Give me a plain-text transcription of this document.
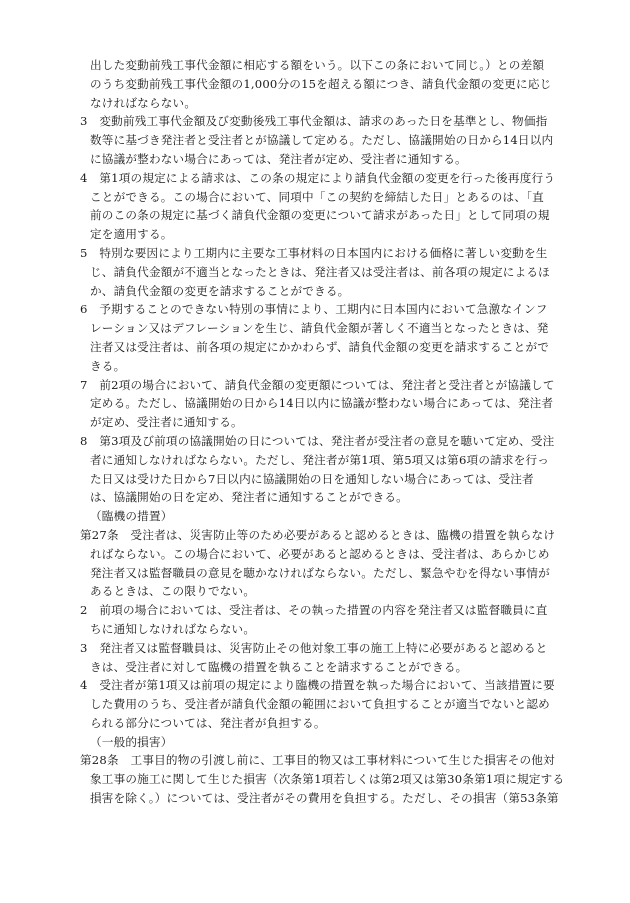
出した変動前残工事代金額に相応する額をいう。以下この条において同じ。）との差額
のうち変動前残工事代金額の1,000分の15を超える額につき、請負代金額の変更に応じ
なければならない。
3　変動前残工事代金額及び変動後残工事代金額は、請求のあった日を基準とし、物価指
数等に基づき発注者と受注者とが協議して定める。ただし、協議開始の日から14日以内
に協議が整わない場合にあっては、発注者が定め、受注者に通知する。
4　第1項の規定による請求は、この条の規定により請負代金額の変更を行った後再度行う
ことができる。この場合において、同項中「この契約を締結した日」とあるのは、「直
前のこの条の規定に基づく請負代金額の変更について請求があった日」として同項の規
定を適用する。
5　特別な要因により工期内に主要な工事材料の日本国内における価格に著しい変動を生
じ、請負代金額が不適当となったときは、発注者又は受注者は、前各項の規定によるほ
か、請負代金額の変更を請求することができる。
6　予期することのできない特別の事情により、工期内に日本国内において急激なインフ
レーション又はデフレーションを生じ、請負代金額が著しく不適当となったときは、発
注者又は受注者は、前各項の規定にかかわらず、請負代金額の変更を請求することがで
きる。
7　前2項の場合において、請負代金額の変更額については、発注者と受注者とが協議して
定める。ただし、協議開始の日から14日以内に協議が整わない場合にあっては、発注者
が定め、受注者に通知する。
8　第3項及び前項の協議開始の日については、発注者が受注者の意見を聴いて定め、受注
者に通知しなければならない。ただし、発注者が第1項、第5項又は第6項の請求を行っ
た日又は受けた日から7日以内に協議開始の日を通知しない場合にあっては、受注者
は、協議開始の日を定め、発注者に通知することができる。
（臨機の措置）
第27条　受注者は、災害防止等のため必要があると認めるときは、臨機の措置を執らなけ
ればならない。この場合において、必要があると認めるときは、受注者は、あらかじめ
発注者又は監督職員の意見を聴かなければならない。ただし、緊急やむを得ない事情が
あるときは、この限りでない。
2　前項の場合においては、受注者は、その執った措置の内容を発注者又は監督職員に直
ちに通知しなければならない。
3　発注者又は監督職員は、災害防止その他対象工事の施工上特に必要があると認めると
きは、受注者に対して臨機の措置を執ることを請求することができる。
4　受注者が第1項又は前項の規定により臨機の措置を執った場合において、当該措置に要
した費用のうち、受注者が請負代金額の範囲において負担することが適当でないと認め
られる部分については、発注者が負担する。
（一般的損害）
第28条　工事目的物の引渡し前に、工事目的物又は工事材料について生じた損害その他対
象工事の施工に関して生じた損害（次条第1項若しくは第2項又は第30条第1項に規定する
損害を除く。）については、受注者がその費用を負担する。ただし、その損害（第53条第
